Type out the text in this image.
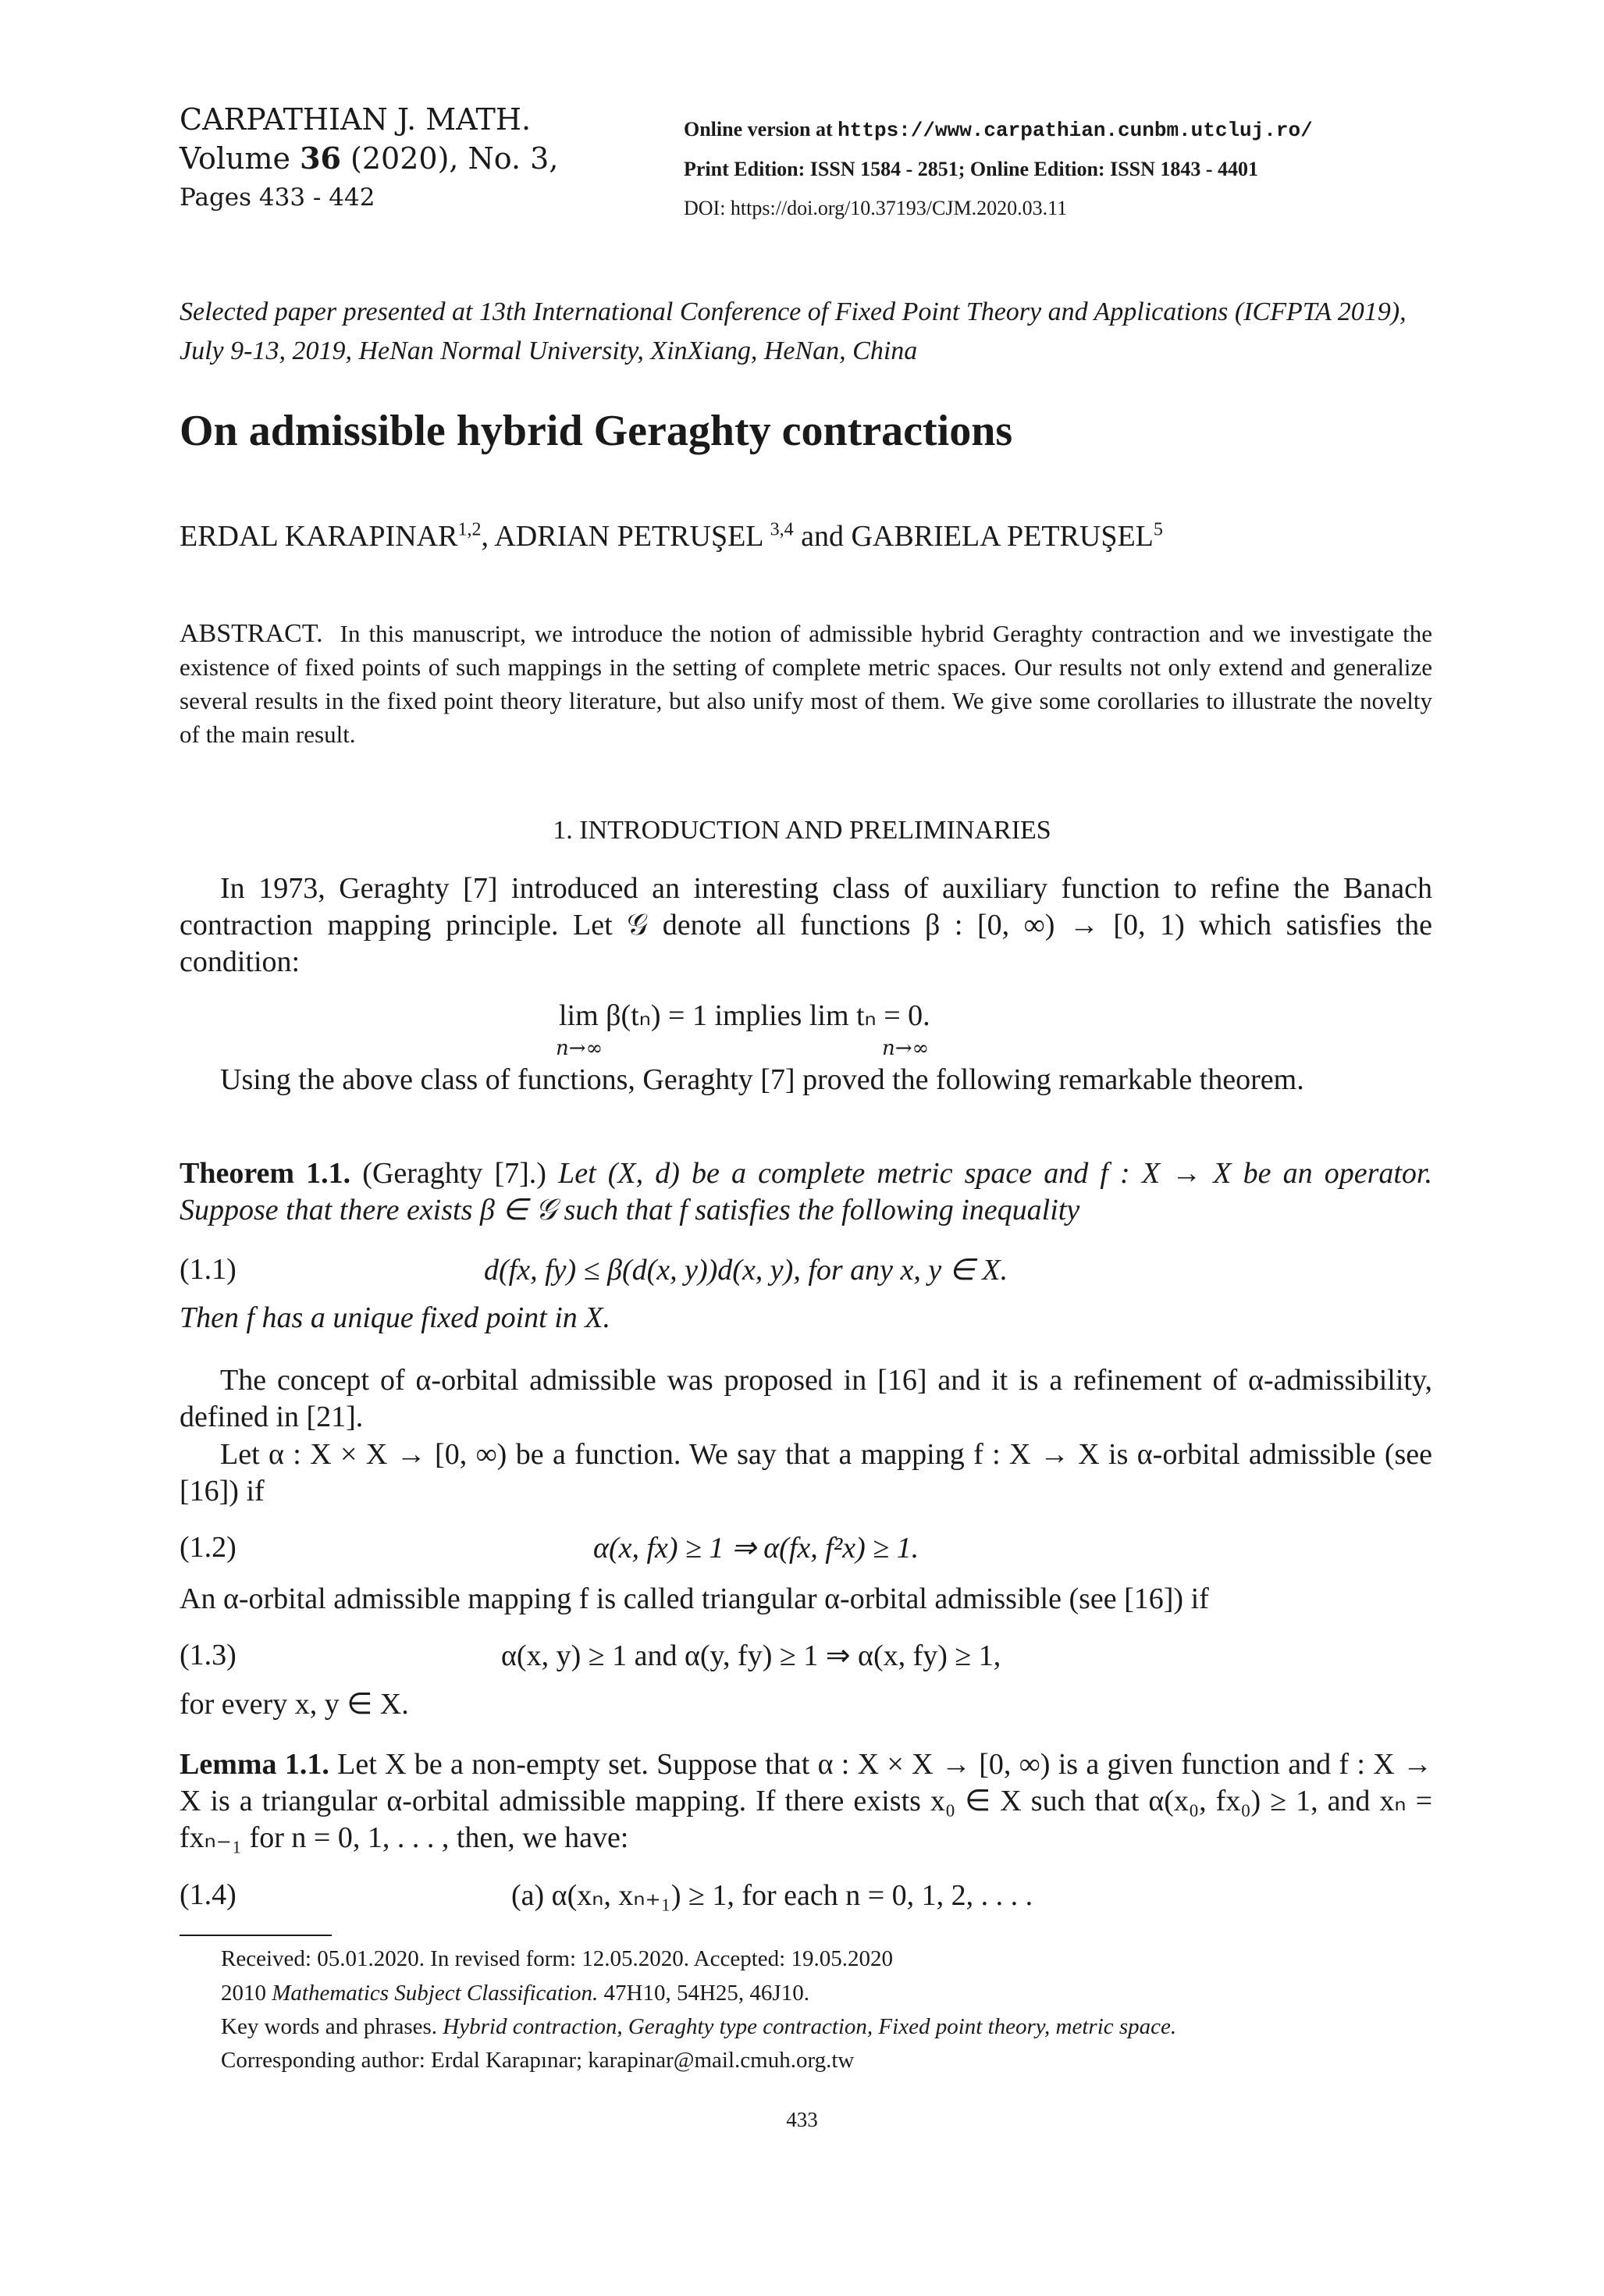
CARPATHIAN J. MATH.
Volume 36 (2020), No. 3,
Pages 433 - 442
Online version at https://www.carpathian.cunbm.utcluj.ro/
Print Edition: ISSN 1584 - 2851; Online Edition: ISSN 1843 - 4401
DOI: https://doi.org/10.37193/CJM.2020.03.11
Selected paper presented at 13th International Conference of Fixed Point Theory and Applications (ICFPTA 2019), July 9-13, 2019, HeNan Normal University, XinXiang, HeNan, China
On admissible hybrid Geraghty contractions
ERDAL KARAPINAR$^{1,2}$, ADRIAN PETRUŞEL $^{3,4}$ and GABRIELA PETRUŞEL$^5$
ABSTRACT. In this manuscript, we introduce the notion of admissible hybrid Geraghty contraction and we investigate the existence of fixed points of such mappings in the setting of complete metric spaces. Our results not only extend and generalize several results in the fixed point theory literature, but also unify most of them. We give some corollaries to illustrate the novelty of the main result.
1. INTRODUCTION AND PRELIMINARIES
In 1973, Geraghty [7] introduced an interesting class of auxiliary function to refine the Banach contraction mapping principle. Let 𝒢 denote all functions β : [0, ∞) → [0, 1) which satisfies the condition:
lim β(tₙ) = 1 implies lim tₙ = 0.
n→∞	n→∞
Using the above class of functions, Geraghty [7] proved the following remarkable theorem.
Theorem 1.1. (Geraghty [7].) Let (X, d) be a complete metric space and f : X → X be an operator. Suppose that there exists β ∈ 𝒢 such that f satisfies the following inequality
(1.1)	d(fx, fy) ≤ β(d(x, y))d(x, y), for any x, y ∈ X.
Then f has a unique fixed point in X.
The concept of α-orbital admissible was proposed in [16] and it is a refinement of α-admissibility, defined in [21].
Let α : X × X → [0, ∞) be a function. We say that a mapping f : X → X is α-orbital admissible (see [16]) if
(1.2)	α(x, fx) ≥ 1 ⇒ α(fx, f²x) ≥ 1.
An α-orbital admissible mapping f is called triangular α-orbital admissible (see [16]) if
(1.3)	α(x, y) ≥ 1 and α(y, fy) ≥ 1 ⇒ α(x, fy) ≥ 1,
for every x, y ∈ X.
Lemma 1.1. Let X be a non-empty set. Suppose that α : X × X → [0, ∞) is a given function and f : X → X is a triangular α-orbital admissible mapping. If there exists x₀ ∈ X such that α(x₀, fx₀) ≥ 1, and xₙ = fxₙ₋₁ for n = 0, 1, . . . , then, we have:
(1.4)	(a) α(xₙ, xₙ₊₁) ≥ 1, for each n = 0, 1, 2, . . . .
Received: 05.01.2020. In revised form: 12.05.2020. Accepted: 19.05.2020
2010 Mathematics Subject Classification. 47H10, 54H25, 46J10.
Key words and phrases. Hybrid contraction, Geraghty type contraction, Fixed point theory, metric space.
Corresponding author: Erdal Karapınar; karapinar@mail.cmuh.org.tw
433
